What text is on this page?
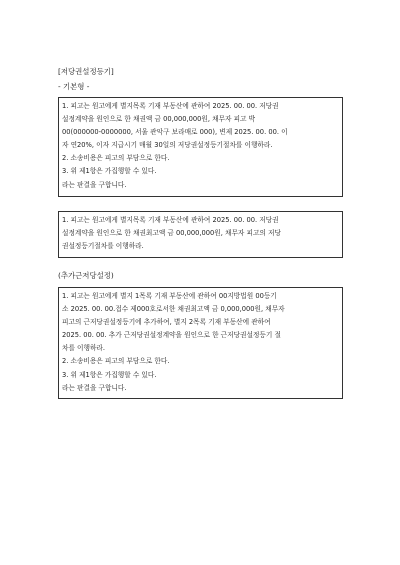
[저당권설정등기]
- 기본형 -

1. 피고는 원고에게 별지목록 기재 부동산에 관하여 2025. 00. 00. 저당권

설정계약을 원인으로 한 채권액 금 00,000,000원, 채무자 피고 박

00(000000-0000000, 서울 관악구 보라매로 000), 변제 2025. 00. 00. 이

자 연20%, 이자 지급시기 매월 30일의 저당권설정등기절차를 이행하라.

2. 소송비용은 피고의 부담으로 한다.

3. 위 제1항은 가집행할 수 있다.

라는 판결을 구합니다.

1. 피고는 원고에게 별지목록 기재 부동산에 관하여 2025. 00. 00. 저당권

설정계약을 원인으로 한 채권최고액 금 00,000,000원, 채무자 피고의 저당

권설정등기절차를 이행하라.

(추가근저당설정)

1. 피고는 원고에게 별지 1목록 기재 부동산에 관하여 00지방법원 00등기

소 2025. 00. 00.접수 제000호로서한 채권최고액 금 0,000,000원, 채무자

피고의 근저당권설정등기에 추가하여, 별지 2목록 기재 부동산에 관하여

2025. 00. 00. 추가 근저당권설정계약을 원인으로 한 근저당권설정등기 절

차를 이행하라.

2. 소송비용은 피고의 부담으로 한다.

3. 위 제1항은 가집행할 수 있다.

라는 판결을 구합니다.
